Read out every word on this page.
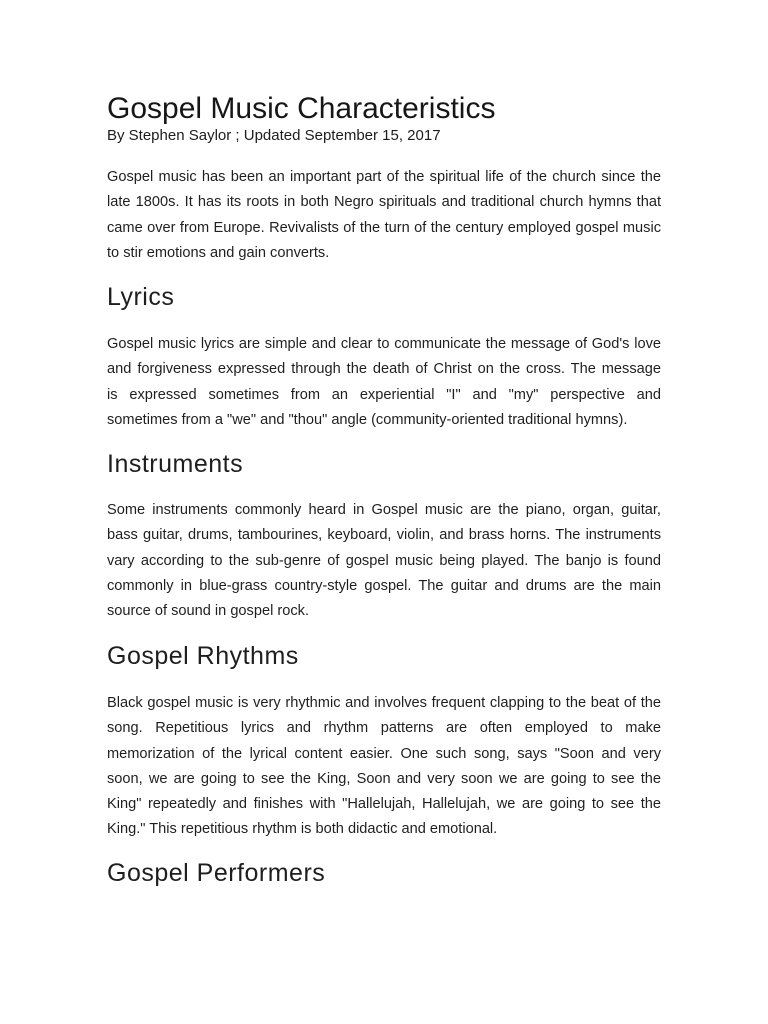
Gospel Music Characteristics
By Stephen Saylor ; Updated September 15, 2017
Gospel music has been an important part of the spiritual life of the church since the
late 1800s. It has its roots in both Negro spirituals and traditional church hymns that
came over from Europe. Revivalists of the turn of the century employed gospel music
to stir emotions and gain converts.
Lyrics
Gospel music lyrics are simple and clear to communicate the message of God's love
and forgiveness expressed through the death of Christ on the cross. The message
is expressed sometimes from an experiential "I" and "my" perspective and
sometimes from a "we" and "thou" angle (community-oriented traditional hymns).
Instruments
Some instruments commonly heard in Gospel music are the piano, organ, guitar,
bass guitar, drums, tambourines, keyboard, violin, and brass horns. The instruments
vary according to the sub-genre of gospel music being played. The banjo is found
commonly in blue-grass country-style gospel. The guitar and drums are the main
source of sound in gospel rock.
Gospel Rhythms
Black gospel music is very rhythmic and involves frequent clapping to the beat of the
song. Repetitious lyrics and rhythm patterns are often employed to make
memorization of the lyrical content easier. One such song, says "Soon and very
soon, we are going to see the King, Soon and very soon we are going to see the
King" repeatedly and finishes with "Hallelujah, Hallelujah, we are going to see the
King." This repetitious rhythm is both didactic and emotional.
Gospel Performers
